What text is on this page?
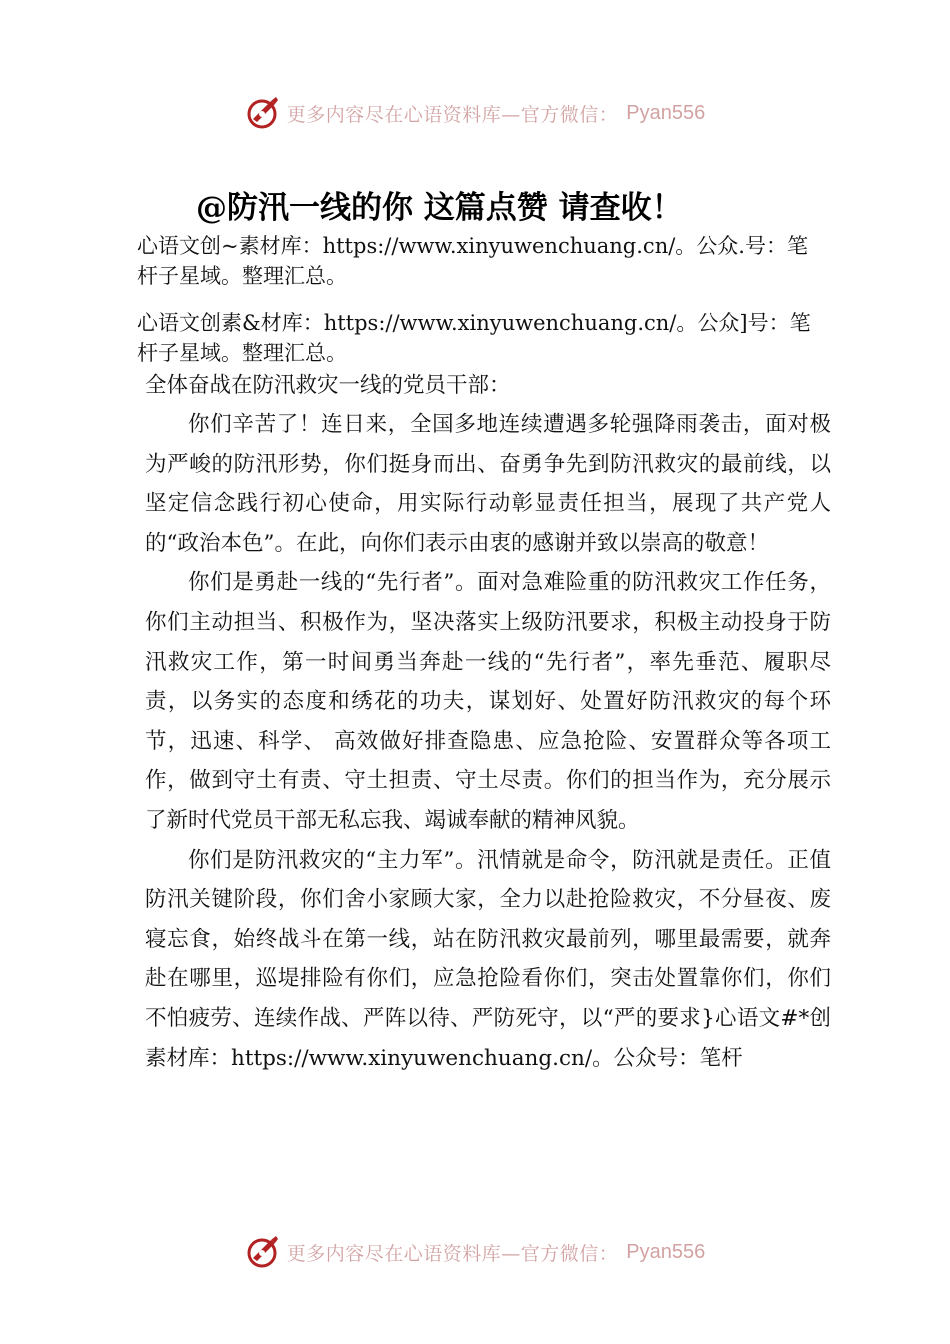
更多内容尽在心语资料库—官方微信： Pyan556
@防汛一线的你 这篇点赞 请查收！
心语文创~素材库：https://www.xinyuwenchuang.cn/。公众.号：笔杆子星域。整理汇总。
心语文创素&材库：https://www.xinyuwenchuang.cn/。公众]号：笔杆子星域。整理汇总。

全体奋战在防汛救灾一线的党员干部：

你们辛苦了！连日来，全国多地连续遭遇多轮强降雨袭击，面对极为严峻的防汛形势，你们挺身而出、奋勇争先到防汛救灾的最前线，以坚定信念践行初心使命，用实际行动彰显责任担当，展现了共产党人的“政治本色”。在此，向你们表示由衷的感谢并致以崇高的敬意！

你们是勇赴一线的“先行者”。面对急难险重的防汛救灾工作任务，你们主动担当、积极作为，坚决落实上级防汛要求，积极主动投身于防汛救灾工作，第一时间勇当奔赴一线的“先行者”，率先垂范、履职尽责，以务实的态度和绣花的功夫，谋划好、处置好防汛救灾的每个环节，迅速、科学、 高效做好排查隐患、应急抢险、安置群众等各项工作，做到守土有责、守土担责、守土尽责。你们的担当作为，充分展示了新时代党员干部无私忘我、竭诚奉献的精神风貌。

你们是防汛救灾的“主力军”。汛情就是命令，防汛就是责任。正值防汛关键阶段，你们舍小家顾大家，全力以赴抢险救灾，不分昼夜、废寝忘食，始终战斗在第一线，站在防汛救灾最前列，哪里最需要，就奔赴在哪里，巡堤排险有你们，应急抢险看你们，突击处置靠你们，你们不怕疲劳、连续作战、严阵以待、严防死守，以“严的要求}心语文#*创素材库：https://www.xinyuwenchuang.cn/。公众号：笔杆

更多内容尽在心语资料库—官方微信： Pyan556
